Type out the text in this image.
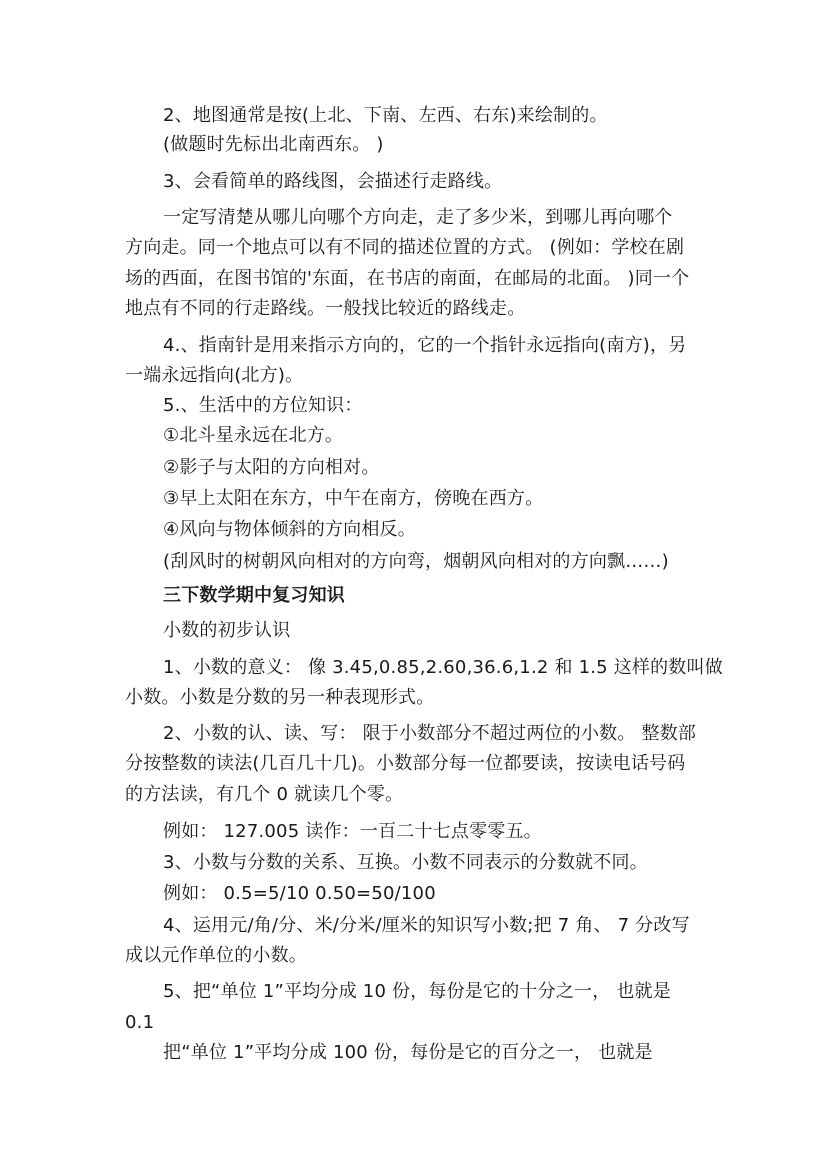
2、地图通常是按(上北、下南、左西、右东)来绘制的。
(做题时先标出北南西东。 )
3、会看简单的路线图，会描述行走路线。
一定写清楚从哪儿向哪个方向走，走了多少米，到哪儿再向哪个
方向走。同一个地点可以有不同的描述位置的方式。 (例如：学校在剧
场的西面，在图书馆的'东面，在书店的南面，在邮局的北面。 )同一个
地点有不同的行走路线。一般找比较近的路线走。
4.、指南针是用来指示方向的，它的一个指针永远指向(南方)，另
一端永远指向(北方)。
5.、生活中的方位知识：
①北斗星永远在北方。
②影子与太阳的方向相对。
③早上太阳在东方，中午在南方，傍晚在西方。
④风向与物体倾斜的方向相反。
(刮风时的树朝风向相对的方向弯，烟朝风向相对的方向飘……)
三下数学期中复习知识
小数的初步认识
1、小数的意义： 像 3.45,0.85,2.60,36.6,1.2 和 1.5 这样的数叫做
小数。小数是分数的另一种表现形式。
2、小数的认、读、写： 限于小数部分不超过两位的小数。 整数部
分按整数的读法(几百几十几)。小数部分每一位都要读，按读电话号码
的方法读，有几个 0 就读几个零。
例如： 127.005 读作：一百二十七点零零五。
3、小数与分数的关系、互换。小数不同表示的分数就不同。
例如： 0.5=5/10 0.50=50/100
4、运用元/角/分、米/分米/厘米的知识写小数;把 7 角、 7 分改写
成以元作单位的小数。
5、把“单位 1”平均分成 10 份，每份是它的十分之一， 也就是
0.1
把“单位 1”平均分成 100 份，每份是它的百分之一， 也就是
